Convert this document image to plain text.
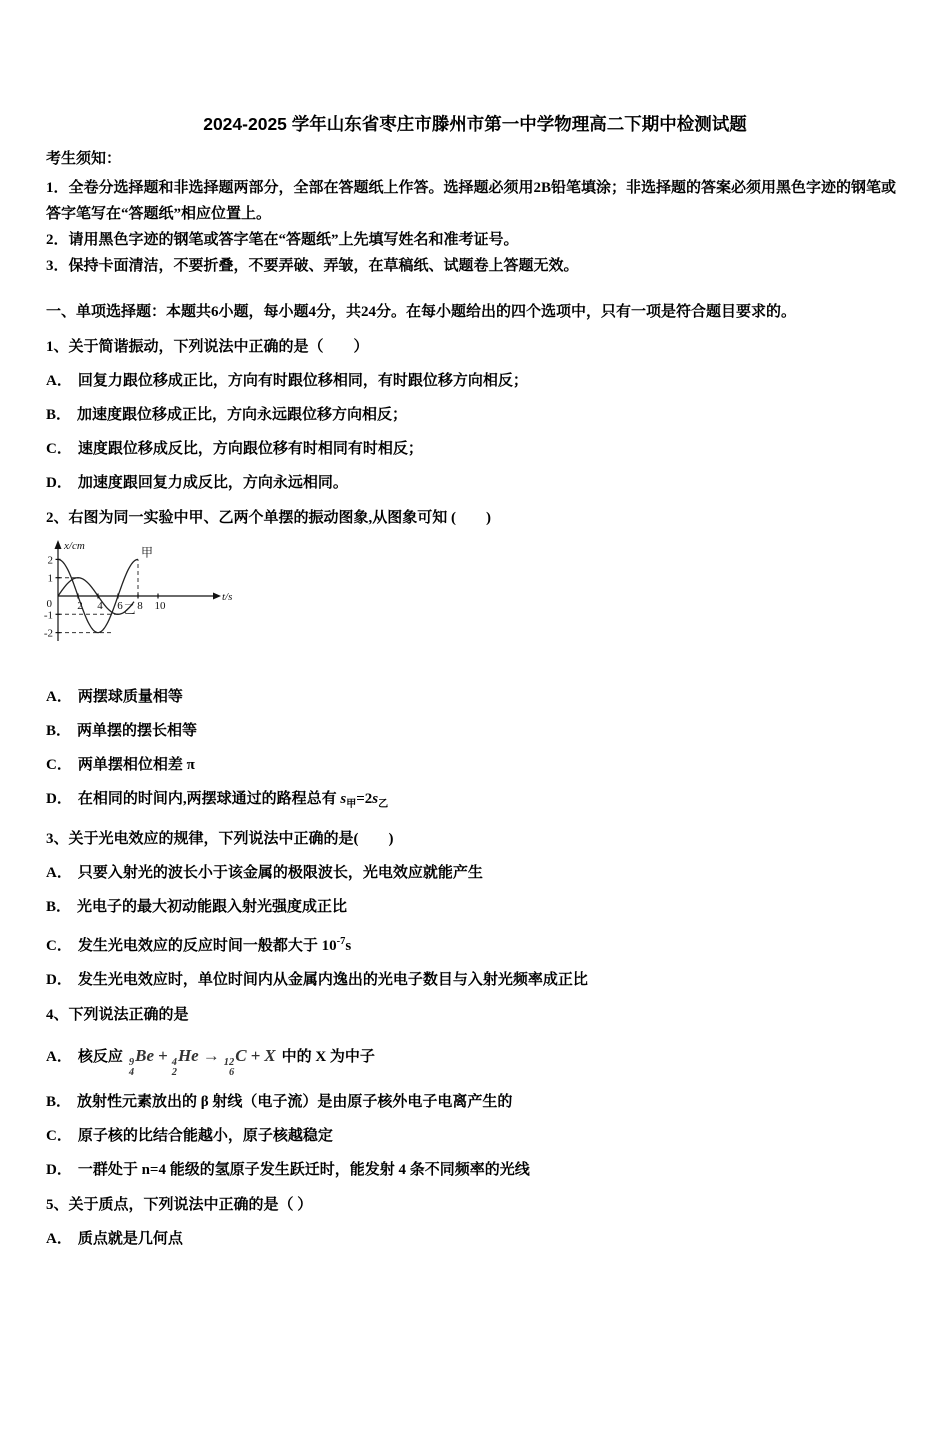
2024-2025 学年山东省枣庄市滕州市第一中学物理高二下期中检测试题

考生须知：

1．全卷分选择题和非选择题两部分，全部在答题纸上作答。选择题必须用2B铅笔填涂；非选择题的答案必须用黑色字迹的钢笔或答字笔写在“答题纸”相应位置上。

2．请用黑色字迹的钢笔或答字笔在“答题纸”上先填写姓名和准考证号。

3．保持卡面清洁，不要折叠，不要弄破、弄皱，在草稿纸、试题卷上答题无效。

一、单项选择题：本题共6小题，每小题4分，共24分。在每小题给出的四个选项中，只有一项是符合题目要求的。

1、关于简谐振动，下列说法中正确的是（　　）

A． 回复力跟位移成正比，方向有时跟位移相同，有时跟位移方向相反；

B． 加速度跟位移成正比，方向永远跟位移方向相反；

C． 速度跟位移成反比，方向跟位移有时相同有时相反；

D． 加速度跟回复力成反比，方向永远相同。

2、右图为同一实验中甲、乙两个单摆的振动图象,从图象可知 (　　)

2 4 6 8 10
2
1
0
-1
-2
t/s
x/cm	甲
乙

A． 两摆球质量相等

B． 两单摆的摆长相等

C． 两单摆相位相差 π

D． 在相同的时间内,两摆球通过的路程总有 $s_甲=2s_乙$

3、关于光电效应的规律，下列说法中正确的是(　　)

A． 只要入射光的波长小于该金属的极限波长，光电效应就能产生

B． 光电子的最大初动能跟入射光强度成正比

C． 发生光电效应的反应时间一般都大于 $10^{-7}s$

D． 发生光电效应时，单位时间内从金属内逸出的光电子数目与入射光频率成正比

4、下列说法正确的是

A． 核反应 9
4
Be + 4
2
He → 12
6
C + X 中的 X 为中子

B． 放射性元素放出的 β 射线（电子流）是由原子核外电子电离产生的

C． 原子核的比结合能越小，原子核越稳定

D． 一群处于 n=4 能级的氢原子发生跃迁时，能发射 4 条不同频率的光线

5、关于质点，下列说法中正确的是（ ）

A． 质点就是几何点
